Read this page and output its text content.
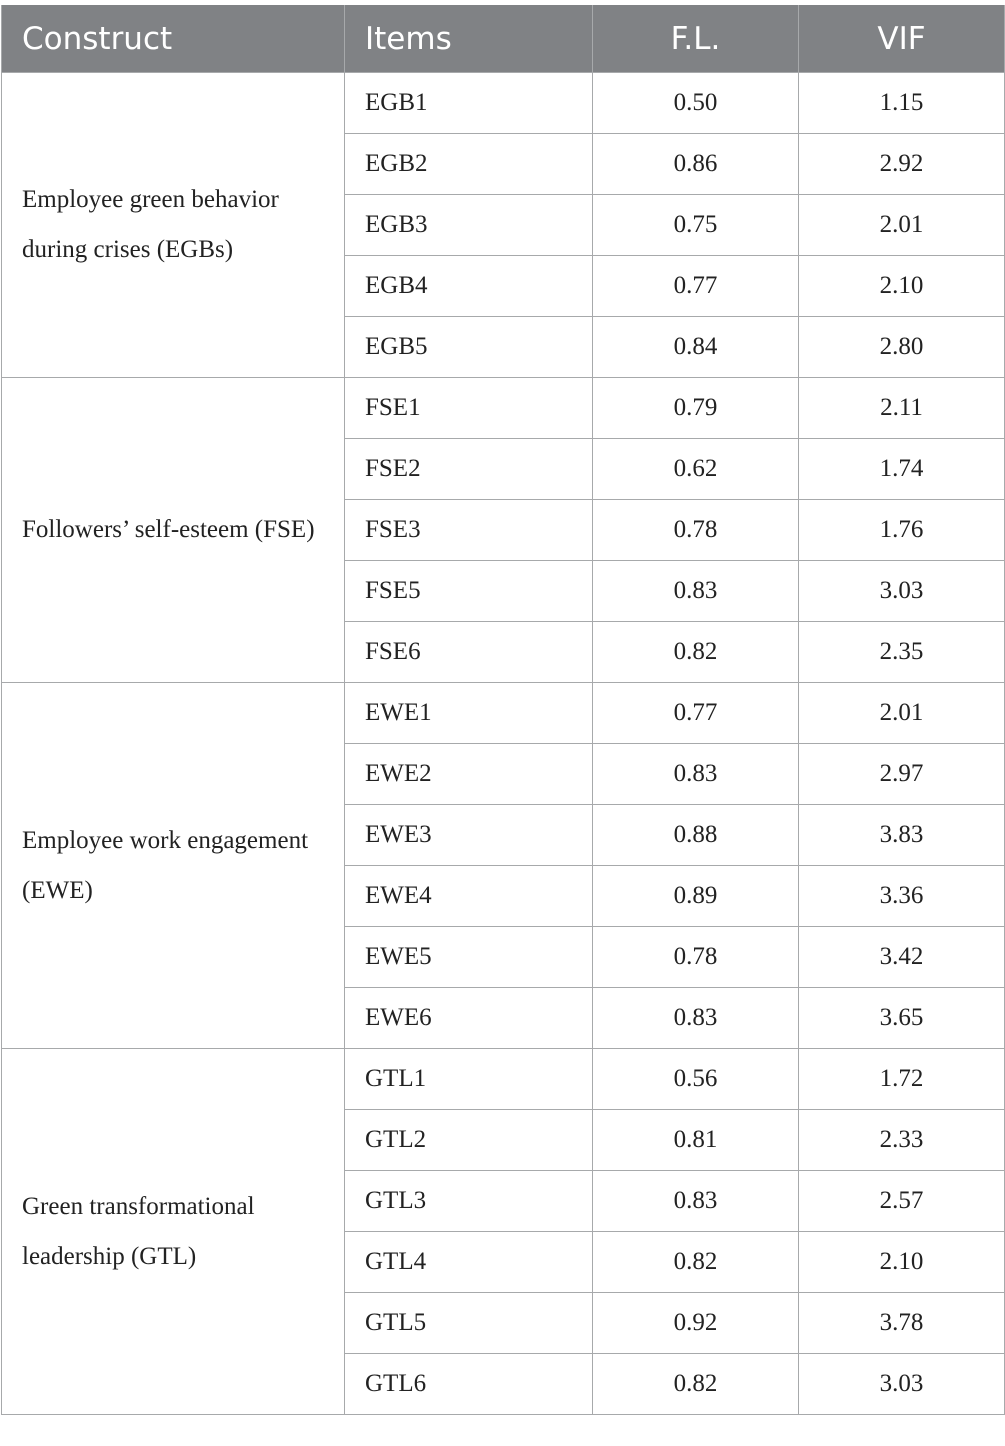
Construct	Items	F.L.	VIF
Employee green behavior during crises (EGBs)	EGB1	0.50	1.15
	EGB2	0.86	2.92
	EGB3	0.75	2.01
	EGB4	0.77	2.10
	EGB5	0.84	2.80
Followers’ self-esteem (FSE)	FSE1	0.79	2.11
	FSE2	0.62	1.74
	FSE3	0.78	1.76
	FSE5	0.83	3.03
	FSE6	0.82	2.35
Employee work engagement (EWE)	EWE1	0.77	2.01
	EWE2	0.83	2.97
	EWE3	0.88	3.83
	EWE4	0.89	3.36
	EWE5	0.78	3.42
	EWE6	0.83	3.65
Green transformational leadership (GTL)	GTL1	0.56	1.72
	GTL2	0.81	2.33
	GTL3	0.83	2.57
	GTL4	0.82	2.10
	GTL5	0.92	3.78
	GTL6	0.82	3.03
